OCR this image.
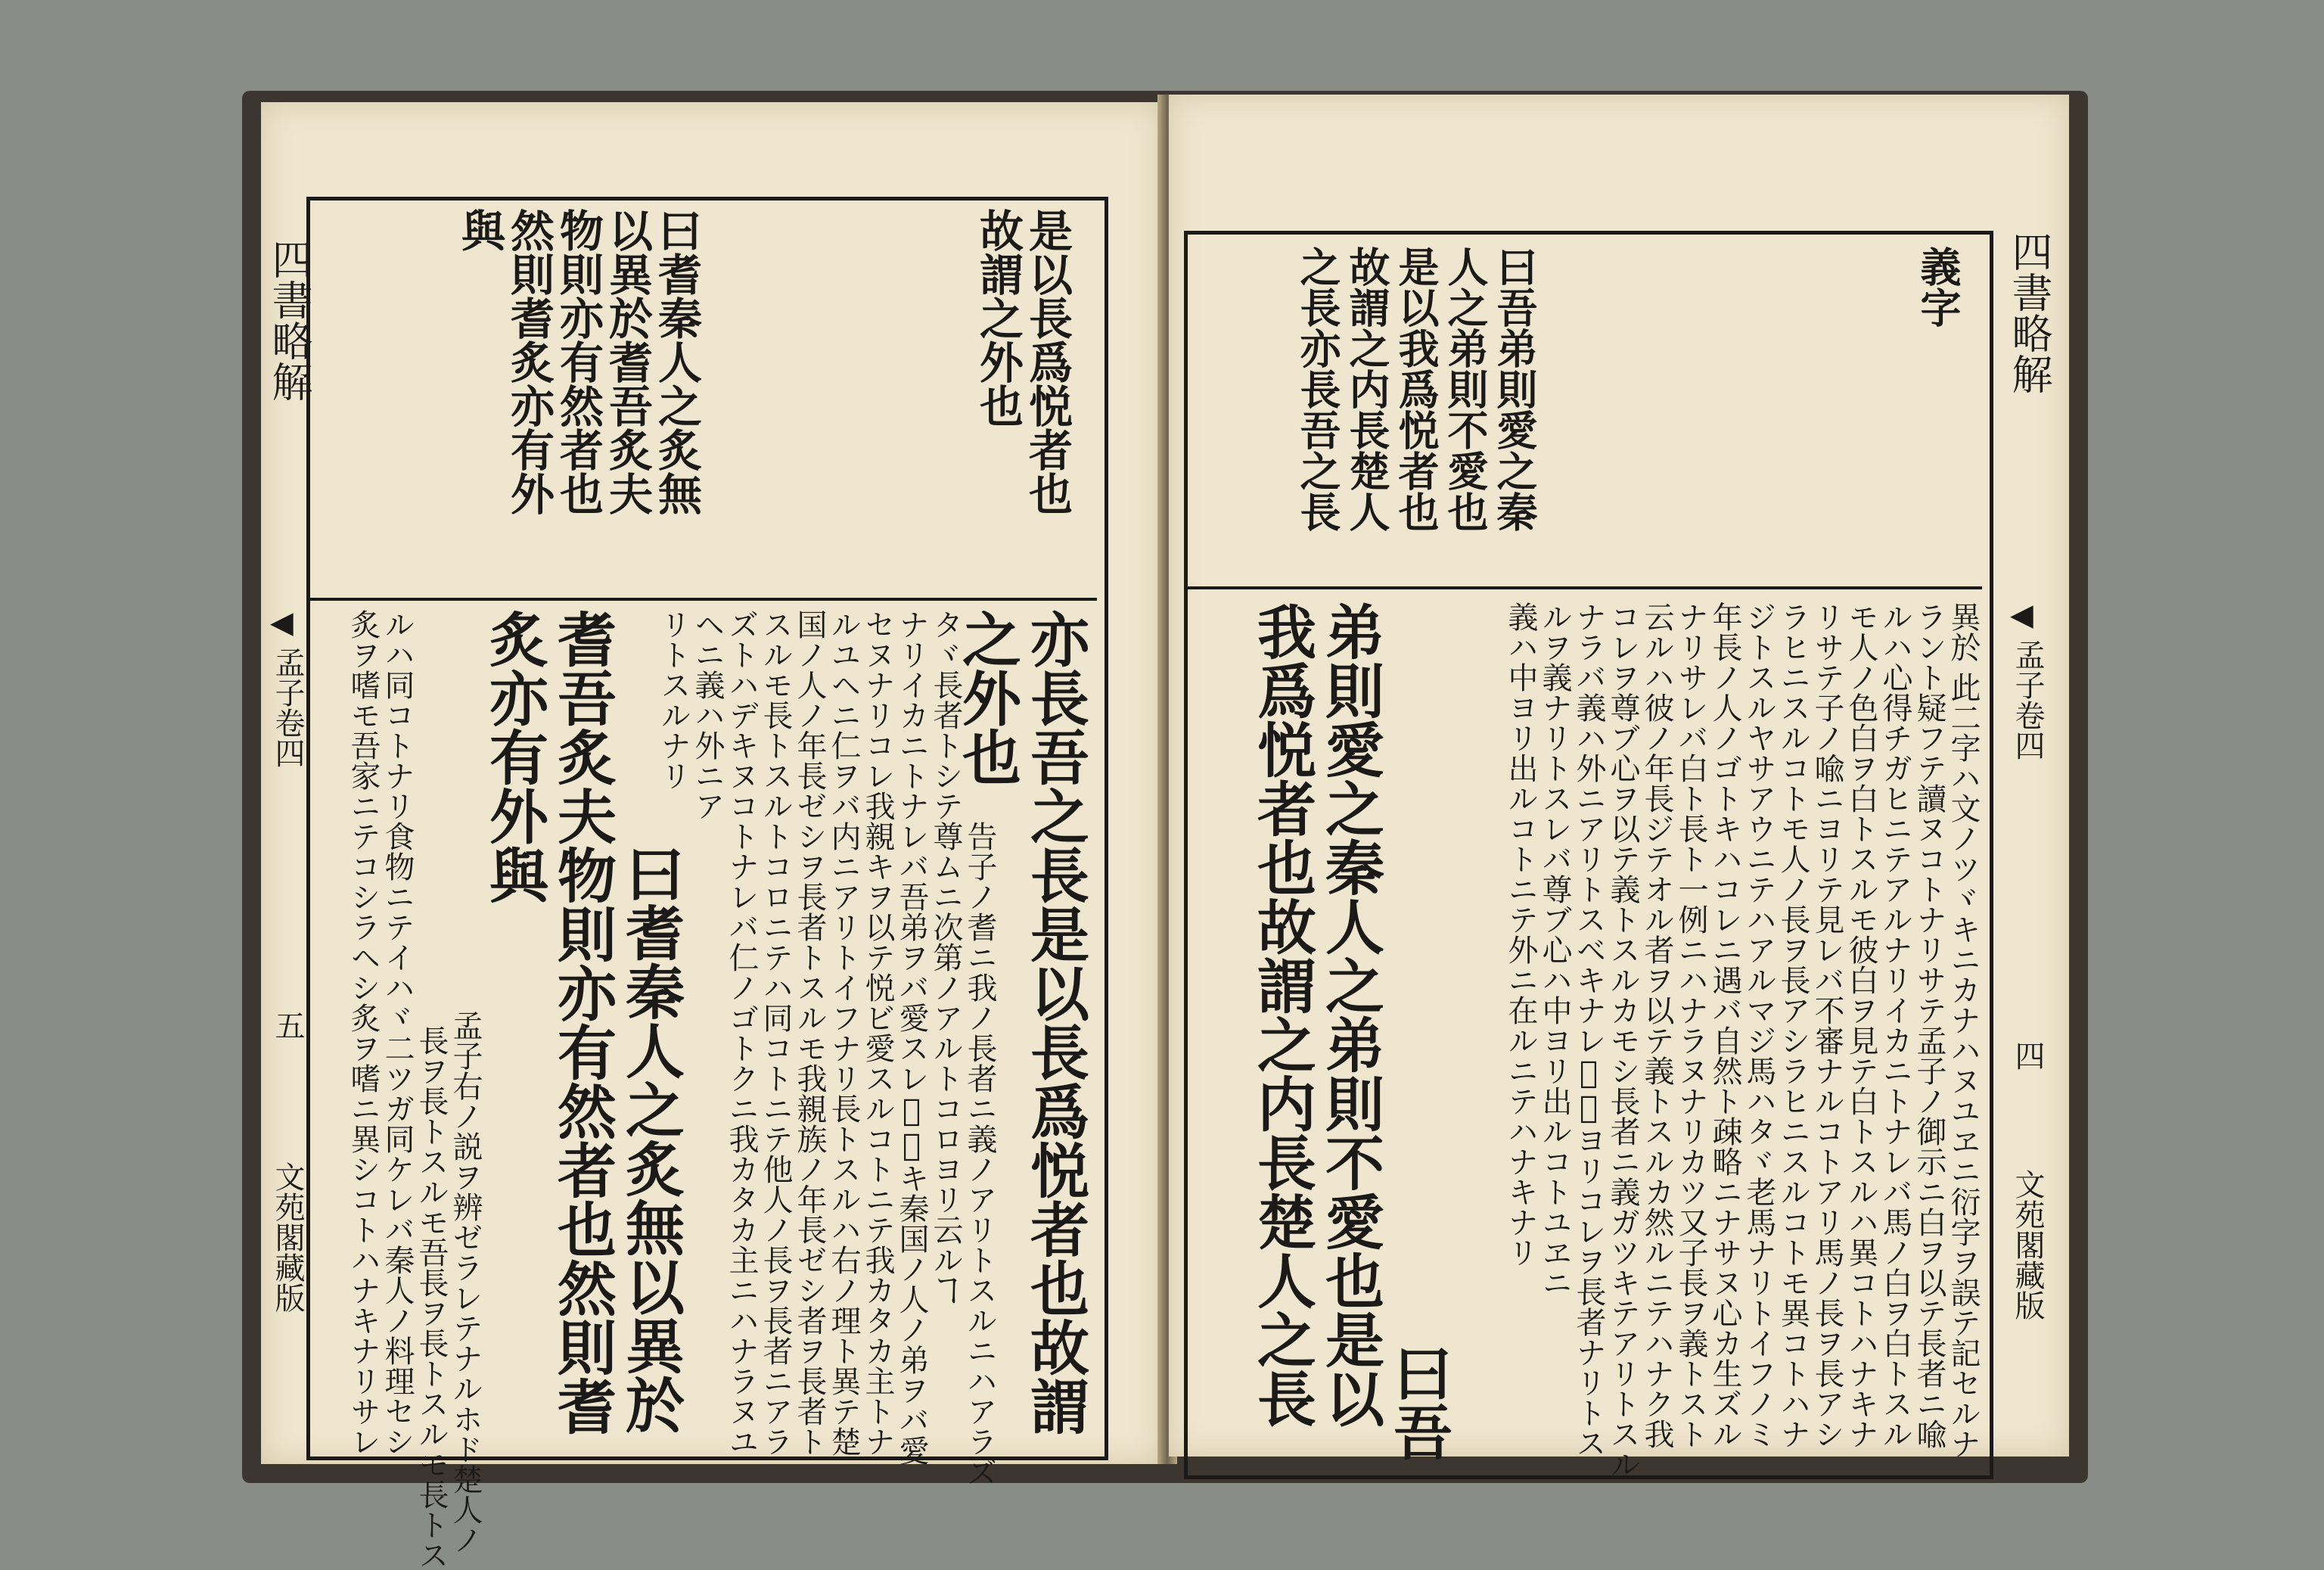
四書略解
◀
孟子卷四
五
文苑閣藏版
是以長爲悦者也
故謂之外也
曰耆秦人之炙無
以異於耆吾炙夫
物則亦有然者也
然則耆炙亦有外
與
亦長吾之長是以長爲悦者也故謂
之外也
曰耆秦人之炙無以異於
耆吾炙夫物則亦有然者也然則耆
炙亦有外與
告子ノ耆ニ我ノ長者ニ義ノアリトスルニハアラズ
タヾ長者トシテ尊ムニ次第ノアルトコロヨリ云ルヿ
ナリイカニトナレバ吾弟ヲバ愛スレ𪜈遠キ秦国ノ人ノ弟ヲバ愛
セヌナリコレ我親キヲ以テ悦ビ愛スルコトニテ我カタカ主トナ
ルユヘニ仁ヲバ内ニアリトイフナリ長トスルハ右ノ理ト異テ楚
国ノ人ノ年長ゼシヲ長者トスルモ我親族ノ年長ゼシ者ヲ長者ト
スルモ長トスルトコロニテハ同コトニテ他人ノ長ヲ長者ニアラ
ズトハデキヌコトナレバ仁ノゴトクニ我カタカ主ニハナラヌユ
ヘニ義ハ外ニア
リトスルナリ
孟子右ノ説ヲ辨ゼラレテナルホド楚人ノ
ルハ同コトナリ食物ニテイハヾ二ツガ同ケレバ秦人ノ料理セシ
炙ヲ嗜モ吾家ニテコシラヘシ炙ヲ嗜ニ異シコトハナキナリサレ 長ヲ長トスルモ吾長ヲ長トスルモ長トス
四書略解
◀
孟子卷四
四
文苑閣藏版
義字
曰吾弟則愛之秦
人之弟則不愛也
是以我爲悦者也
故謂之内長楚人
之長亦長吾之長
曰吾
弟則愛之秦人之弟則不愛也是以
我爲悦者也故謂之内長楚人之長	異於 此二字ハ文ノツヾキニカナハヌユヱニ衍字ヲ誤テ記セルナ
ラント疑フテ讀ヌコトナリサテ孟子ノ御示ニ白ヲ以テ長者ニ喩
ルハ心得チガヒニテアルナリイカニトナレバ馬ノ白ヲ白トスル
モ人ノ色白ヲ白トスルモ彼白ヲ見テ白トスルハ異コトハナキナ
リサテ子ノ喩ニヨリテ見レバ不審ナルコトアリ馬ノ長ヲ長アシ
ラヒニスルコトモ人ノ長ヲ長アシラヒニスルコトモ異コトハナ
ジトスルヤサアウニテハアルマジ馬ハタヾ老馬ナリトイフノミ
年長ノ人ノゴトキハコレニ遇バ自然ト疎略ニナサヌ心カ生ズル
ナリサレバ白ト長ト一例ニハナラヌナリカツ又子長ヲ義トスト
云ルハ彼ノ年長ジテオル者ヲ以テ義トスルカ然ルニテハナク我
コレヲ尊ブ心ヲ以テ義トスルカモシ長者ニ義ガツキテアリトスル
ナラバ義ハ外ニアリトスベキナレ𪜈我ヨリコレヲ長者ナリトス
ルヲ義ナリトスレバ尊ブ心ハ中ヨリ出ルコトユヱニ
義ハ中ヨリ出ルコトニテ外ニ在ルニテハナキナリ
